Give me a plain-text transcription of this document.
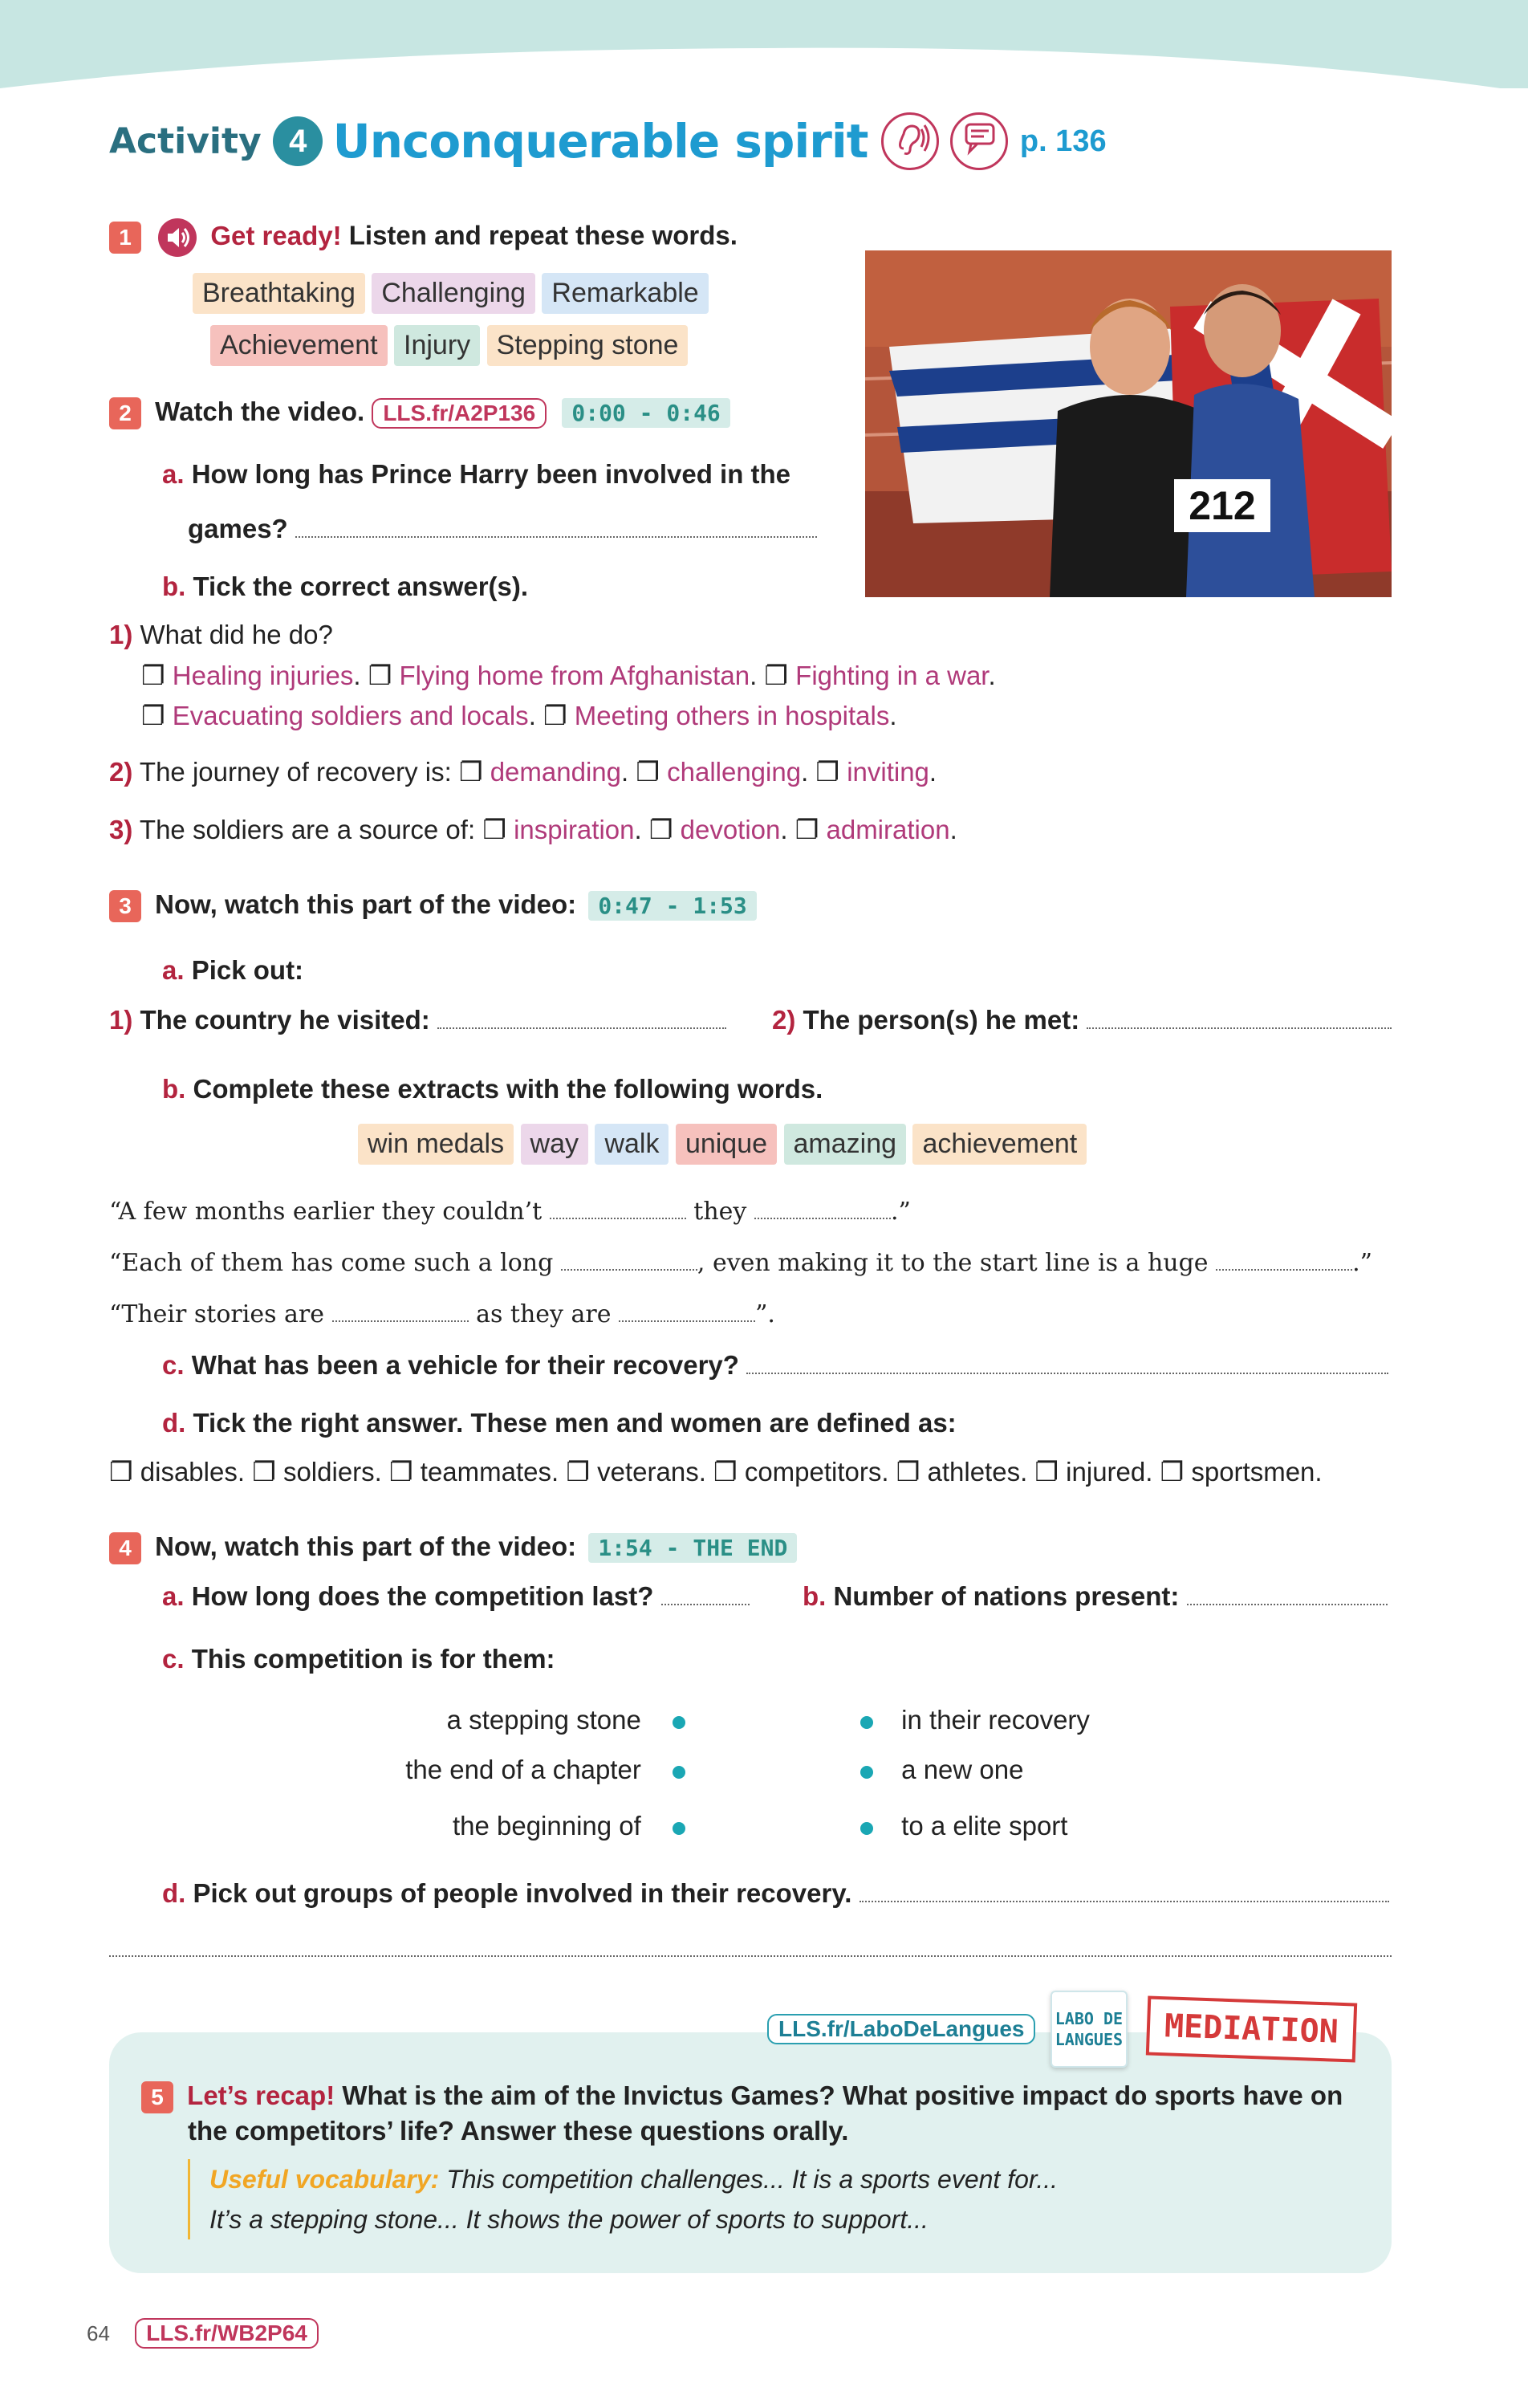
Activity 4 Unconquerable spirit	p. 136
1	Get ready! Listen and repeat these words.
Breathtaking Challenging Remarkable
Achievement Injury Stepping stone
212
2 Watch the video. LLS.fr/A2P136 0:00 - 0:46
a. How long has Prince Harry been involved in the
games?
b. Tick the correct answer(s).
1) What did he do?
❐ Healing injuries. ❐ Flying home from Afghanistan. ❐ Fighting in a war.
❐ Evacuating soldiers and locals. ❐ Meeting others in hospitals.
2) The journey of recovery is: ❐ demanding. ❐ challenging. ❐ inviting.
3) The soldiers are a source of: ❐ inspiration. ❐ devotion. ❐ admiration.
3 Now, watch this part of the video: 0:47 - 1:53
a. Pick out:
1) The country he visited:	2) The person(s) he met:
b. Complete these extracts with the following words.
win medals way walk unique amazing achievement
“A few months earlier they couldn’t	they	.”
“Each of them has come such a long	, even making it to the start line is a huge	.”
“Their stories are	as they are	”.
c. What has been a vehicle for their recovery?
d. Tick the right answer. These men and women are defined as:
❐ disables. ❐ soldiers. ❐ teammates. ❐ veterans. ❐ competitors. ❐ athletes. ❐ injured. ❐ sportsmen.
4 Now, watch this part of the video: 1:54 - THE END
a. How long does the competition last?	b. Number of nations present:
c. This competition is for them:
a stepping stone
the end of a chapter
the beginning of
in their recovery
a new one
to a elite sport
d. Pick out groups of people involved in their recovery.
LLS.fr/LaboDeLangues LABO DE
LANGUES MEDIATION
5 Let’s recap! What is the aim of the Invictus Games? What positive impact do sports have on
the competitors’ life? Answer these questions orally.
Useful vocabulary: This competition challenges... It is a sports event for...
It’s a stepping stone... It shows the power of sports to support...
64 LLS.fr/WB2P64
